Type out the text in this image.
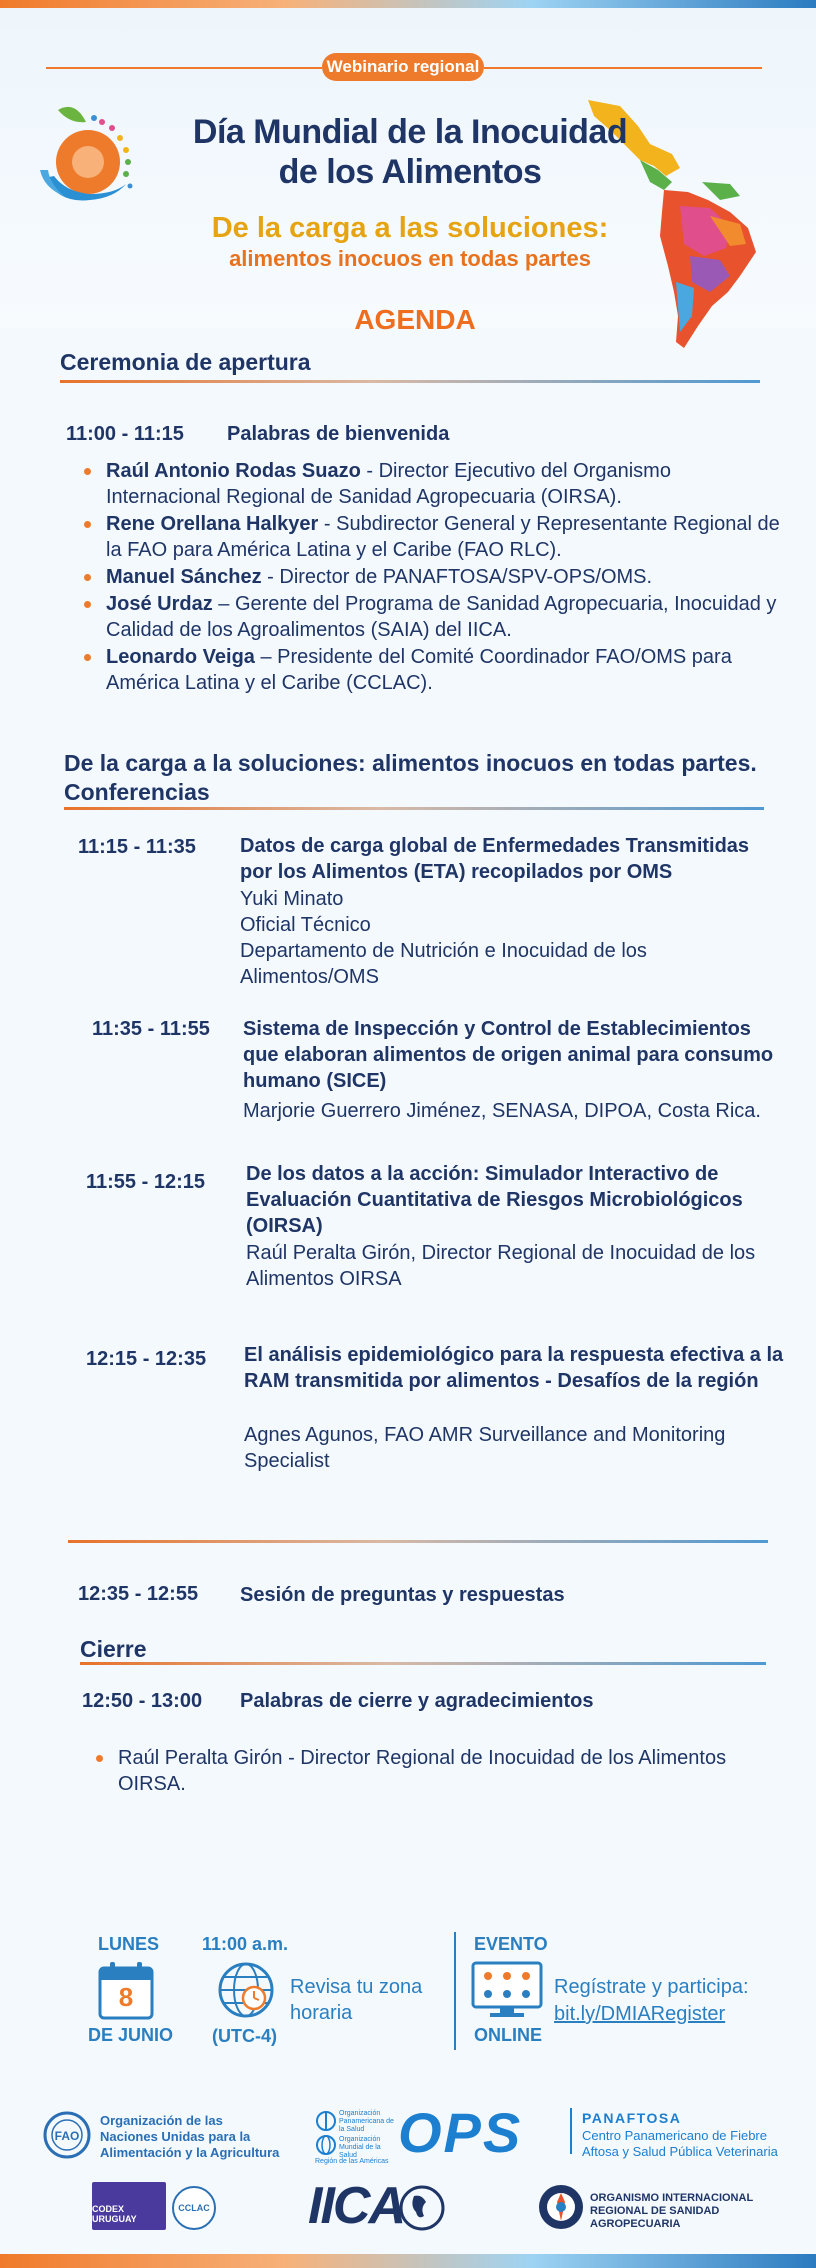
Webinario regional
Día Mundial de la Inocuidad
de los Alimentos
De la carga a las soluciones:
alimentos inocuos en todas partes
AGENDA
Ceremonia de apertura
11:00 - 11:15 Palabras de bienvenida
Raúl Antonio Rodas Suazo - Director Ejecutivo del Organismo Internacional Regional de Sanidad Agropecuaria (OIRSA).
Rene Orellana Halkyer - Subdirector General y Representante Regional de la FAO para América Latina y el Caribe (FAO RLC).
Manuel Sánchez - Director de PANAFTOSA/SPV-OPS/OMS.
José Urdaz – Gerente del Programa de Sanidad Agropecuaria, Inocuidad y Calidad de los Agroalimentos (SAIA) del IICA.
Leonardo Veiga – Presidente del Comité Coordinador FAO/OMS para América Latina y el Caribe (CCLAC).
De la carga a la soluciones: alimentos inocuos en todas partes.
Conferencias
11:15 - 11:35 Datos de carga global de Enfermedades Transmitidas por los Alimentos (ETA) recopilados por OMS
Yuki Minato
Oficial Técnico
Departamento de Nutrición e Inocuidad de los Alimentos/OMS
11:35 - 11:55 Sistema de Inspección y Control de Establecimientos que elaboran alimentos de origen animal para consumo humano (SICE)
Marjorie Guerrero Jiménez, SENASA, DIPOA, Costa Rica.
11:55 - 12:15 De los datos a la acción: Simulador Interactivo de Evaluación Cuantitativa de Riesgos Microbiológicos (OIRSA)
Raúl Peralta Girón, Director Regional de Inocuidad de los Alimentos OIRSA
12:15 - 12:35 El análisis epidemiológico para la respuesta efectiva a la RAM transmitida por alimentos - Desafíos de la región
Agnes Agunos, FAO AMR Surveillance and Monitoring Specialist
12:35 - 12:55 Sesión de preguntas y respuestas
Cierre
12:50 - 13:00 Palabras de cierre y agradecimientos
Raúl Peralta Girón - Director Regional de Inocuidad de los Alimentos OIRSA.
LUNES
8
DE JUNIO
11:00 a.m.
Revisa tu zona horaria
(UTC-4)
EVENTO
ONLINE
Regístrate y participa:
bit.ly/DMIARegister
FAO
Organización de las Naciones Unidas para la Alimentación y la Agricultura
Organización Panamericana de la Salud
Organización Mundial de la Salud
Región de las Américas OPS	PANAFTOSA
Centro Panamericano de Fiebre Aftosa y Salud Pública Veterinaria
CODEX URUGUAY
CCLAC IICA	ORGANISMO INTERNACIONAL REGIONAL DE SANIDAD AGROPECUARIA
